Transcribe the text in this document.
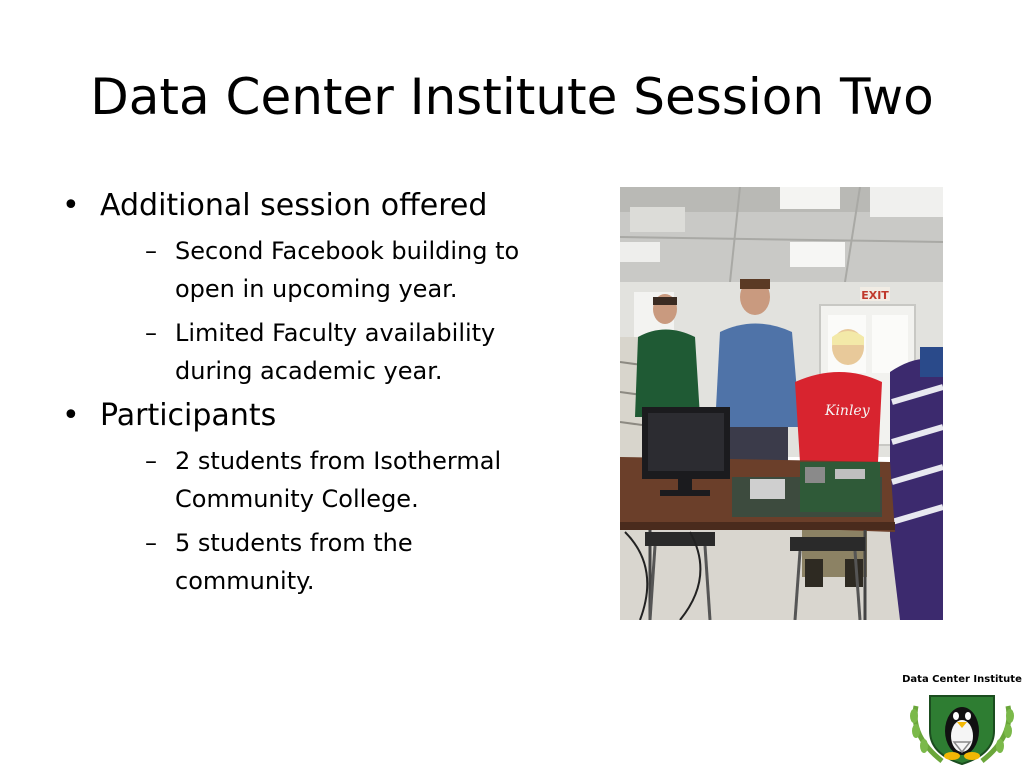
Data Center Institute Session Two
• Additional session offered
– Second Facebook building to open in upcoming year.
– Limited Faculty availability during academic year.
• Participants
– 2 students from Isothermal Community College.
– 5 students from the community.
EXIT
Kinley
Data Center Institute
